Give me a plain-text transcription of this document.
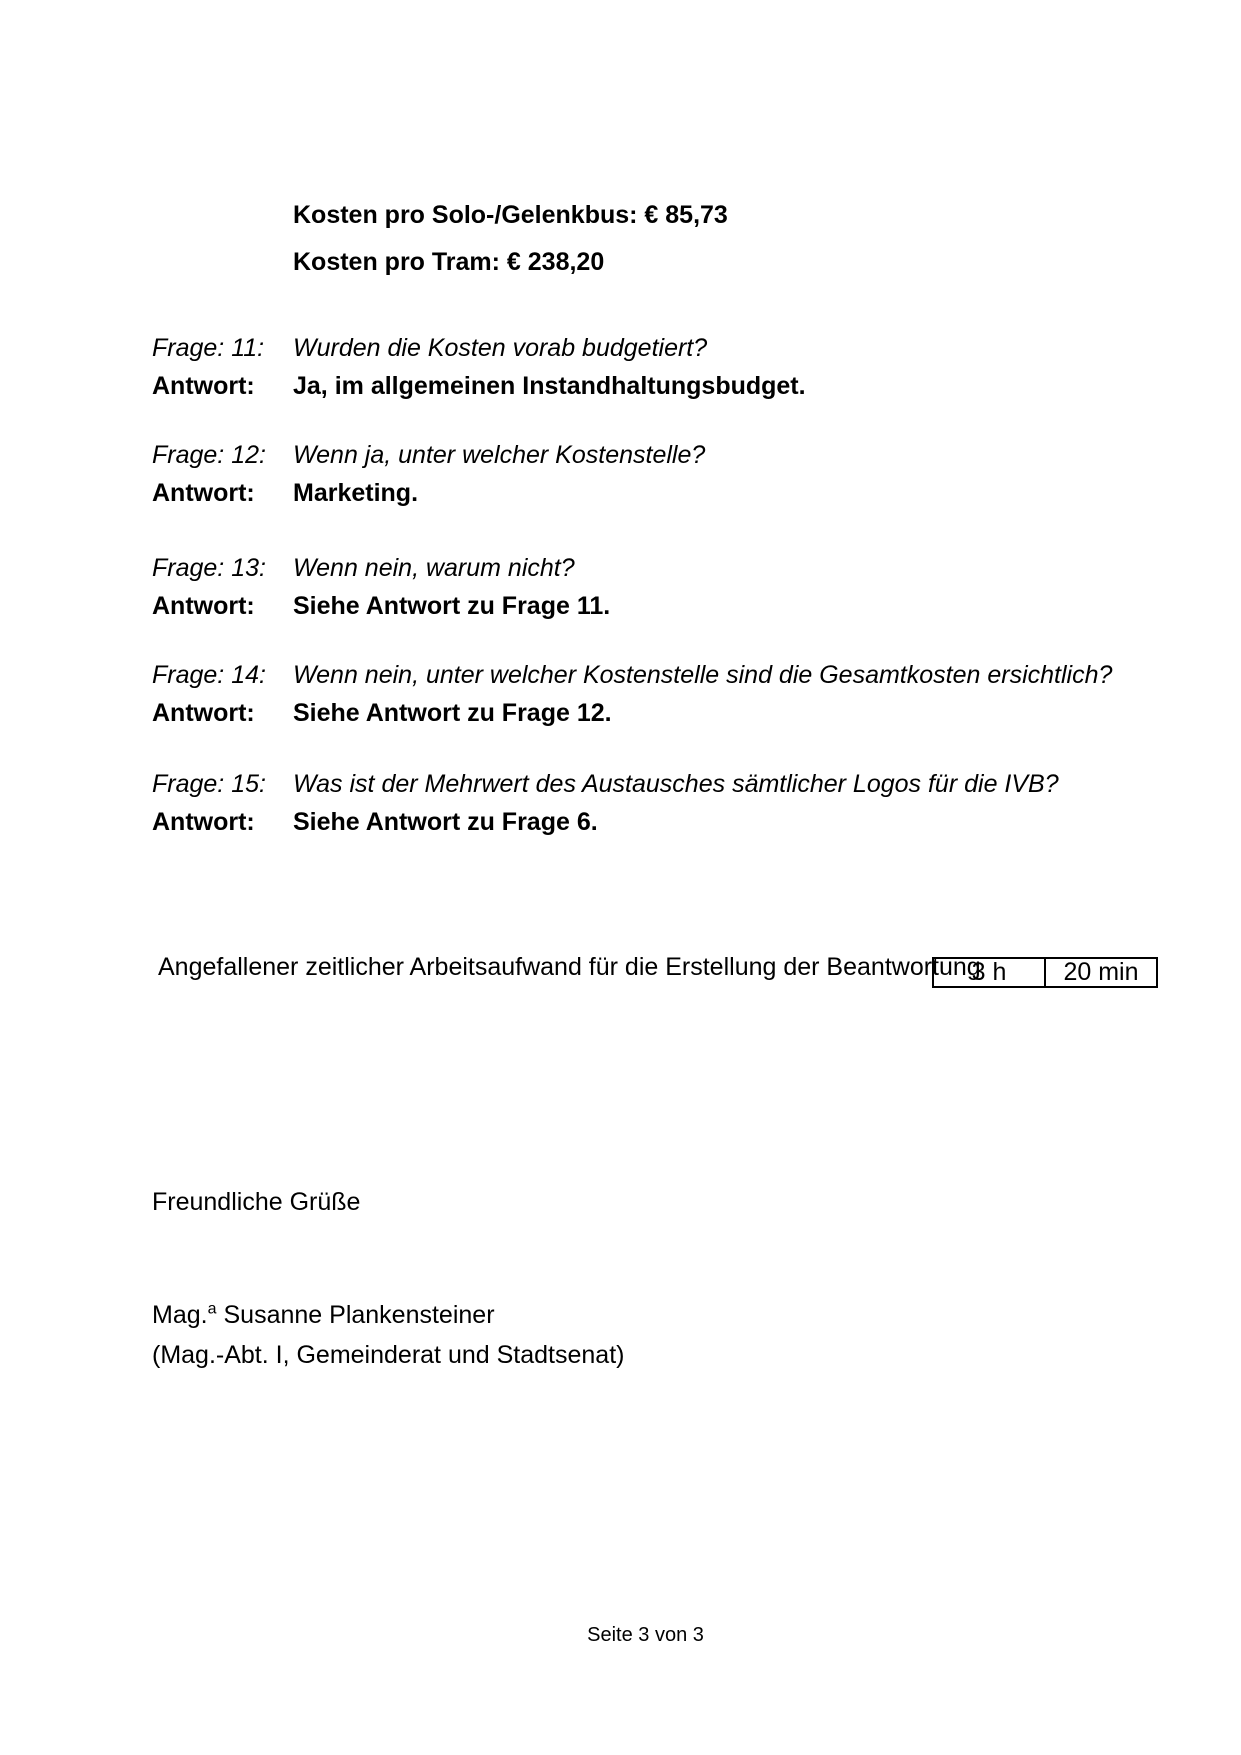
Kosten pro Solo-/Gelenkbus: € 85,73
Kosten pro Tram: € 238,20
Frage: 11: Wurden die Kosten vorab budgetiert?
Antwort: Ja, im allgemeinen Instandhaltungsbudget.
Frage: 12: Wenn ja, unter welcher Kostenstelle?
Antwort: Marketing.
Frage: 13: Wenn nein, warum nicht?
Antwort: Siehe Antwort zu Frage 11.
Frage: 14: Wenn nein, unter welcher Kostenstelle sind die Gesamtkosten ersichtlich?
Antwort: Siehe Antwort zu Frage 12.
Frage: 15: Was ist der Mehrwert des Austausches sämtlicher Logos für die IVB?
Antwort: Siehe Antwort zu Frage 6.
Angefallener zeitlicher Arbeitsaufwand für die Erstellung der Beantwortung
3 h 20 min
Freundliche Grüße
Mag.$^a$ Susanne Plankensteiner
(Mag.-Abt. I, Gemeinderat und Stadtsenat)
Seite 3 von 3
